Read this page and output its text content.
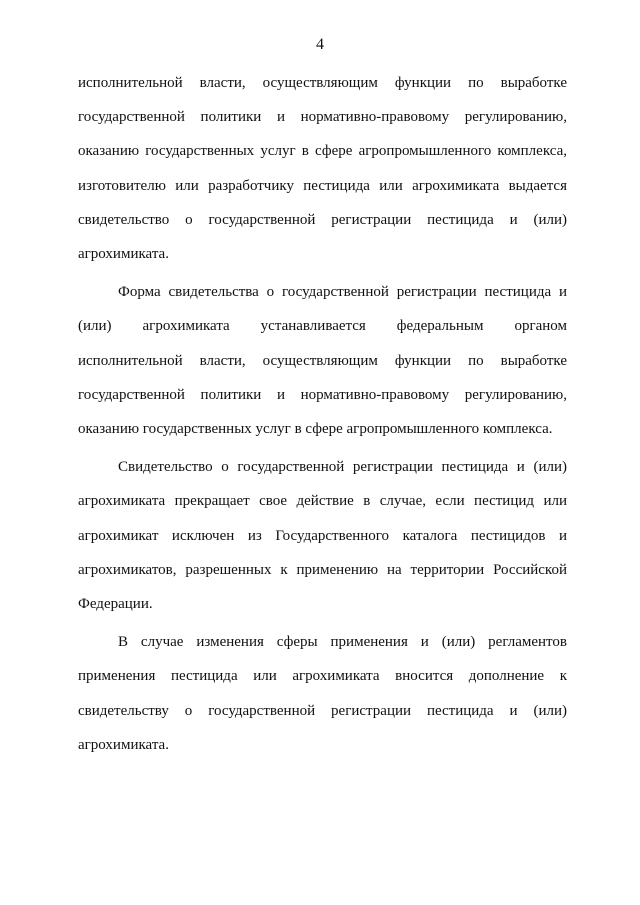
4

исполнительной власти, осуществляющим функции по выработке
государственной политики и нормативно-правовому регулированию,
оказанию государственных услуг в сфере агропромышленного комплекса,
изготовителю или разработчику пестицида или агрохимиката выдается
свидетельство о государственной регистрации пестицида и (или)
агрохимиката.

Форма свидетельства о государственной регистрации пестицида и
(или) агрохимиката устанавливается федеральным органом
исполнительной власти, осуществляющим функции по выработке
государственной политики и нормативно-правовому регулированию,
оказанию государственных услуг в сфере агропромышленного комплекса.

Свидетельство о государственной регистрации пестицида и (или)
агрохимиката прекращает свое действие в случае, если пестицид или
агрохимикат исключен из Государственного каталога пестицидов и
агрохимикатов, разрешенных к применению на территории Российской
Федерации.

В случае изменения сферы применения и (или) регламентов
применения пестицида или агрохимиката вносится дополнение к
свидетельству о государственной регистрации пестицида и (или)
агрохимиката.
